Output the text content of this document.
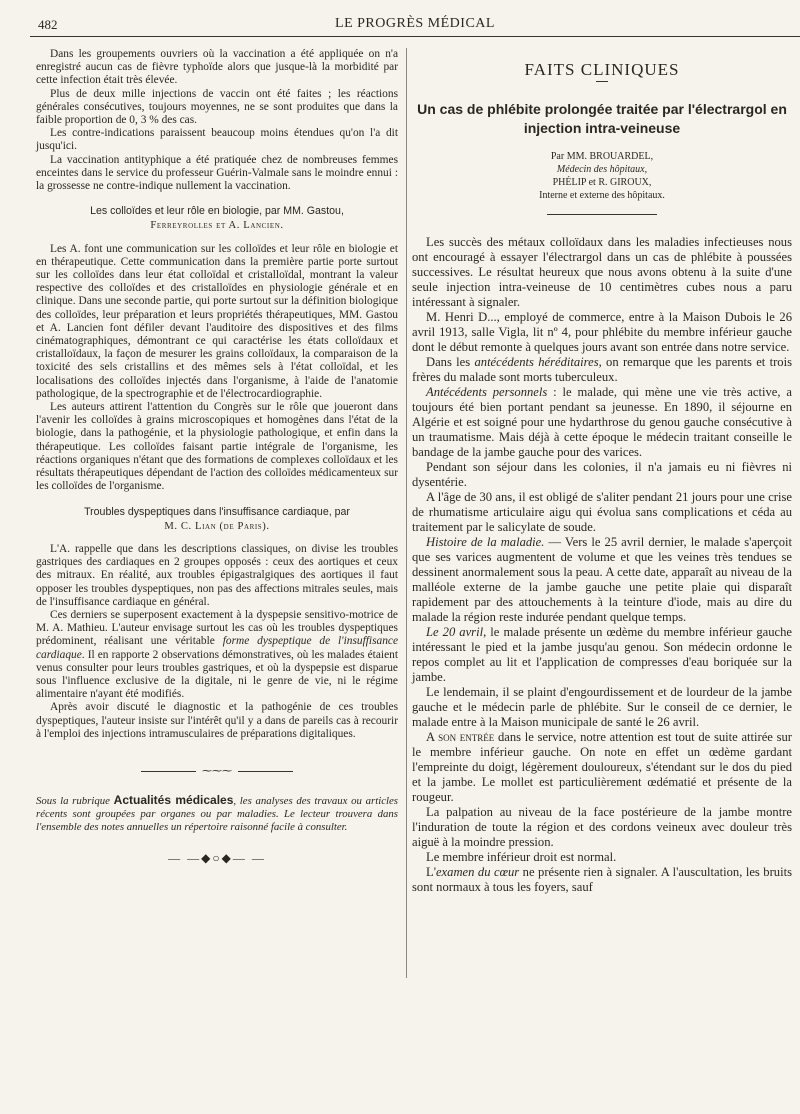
482	LE PROGRÈS MÉDICAL

Dans les groupements ouvriers où la vaccination a été appliquée on n'a enregistré aucun cas de fièvre typhoïde alors que jusque-là la morbidité par cette infection était très élevée.

Plus de deux mille injections de vaccin ont été faites ; les réactions générales consécutives, toujours moyennes, ne se sont produites que dans la faible proportion de 0, 3 % des cas.

Les contre-indications paraissent beaucoup moins étendues qu'on l'a dit jusqu'ici.

La vaccination antityphique a été pratiquée chez de nombreuses femmes enceintes dans le service du professeur Guérin-Valmale sans le moindre ennui : la grossesse ne contre-indique nullement la vaccination.

Les colloïdes et leur rôle en biologie, par MM. Gastou,

Ferreyrolles et A. Lancien.

Les A. font une communication sur les colloïdes et leur rôle en biologie et en thérapeutique. Cette communication dans la première partie porte surtout sur les colloïdes dans leur état colloïdal et cristalloïdal, montrant la valeur respective des colloïdes et des cristalloïdes en physiologie générale et en clinique. Dans une seconde partie, qui porte surtout sur la définition biologique des colloïdes, leur préparation et leurs propriétés thérapeutiques, MM. Gastou et A. Lancien font défiler devant l'auditoire des dispositives et des films cinématographiques, démontrant ce qui caractérise les états colloïdaux et cristalloïdaux, la façon de mesurer les grains colloïdaux, la comparaison de la toxicité des sels cristallins et des mêmes sels à l'état colloïdal, et les localisations des colloïdes injectés dans l'organisme, à l'aide de l'anatomie pathologique, de la spectrographie et de l'électrocardiographie.

Les auteurs attirent l'attention du Congrès sur le rôle que joueront dans l'avenir les colloïdes à grains microscopiques et homogènes dans l'état de la biologie, dans la pathogénie, et la physiologie pathologique, et enfin dans la thérapeutique. Les colloïdes faisant partie intégrale de l'organisme, les réactions organiques n'étant que des formations de complexes colloïdaux et les résultats thérapeutiques dépendant de l'action des colloïdes médicamenteux sur les colloïdes de l'organisme.

Troubles dyspeptiques dans l'insuffisance cardiaque, par

M. C. Lian (de Paris).

L'A. rappelle que dans les descriptions classiques, on divise les troubles gastriques des cardiaques en 2 groupes opposés : ceux des aortiques et ceux des mitraux. En réalité, aux troubles épigastralgiques des aortiques il faut opposer les troubles dyspeptiques, non pas des affections mitrales seules, mais de l'insuffisance cardiaque en général.

Ces derniers se superposent exactement à la dyspepsie sensitivo-motrice de M. A. Mathieu. L'auteur envisage surtout les cas où les troubles dyspeptiques prédominent, réalisant une véritable forme dyspeptique de l'insuffisance cardiaque. Il en rapporte 2 observations démonstratives, où les malades étaient venus consulter pour leurs troubles gastriques, et où la dyspepsie est disparue sous l'influence exclusive de la digitale, ni le genre de vie, ni le régime alimentaire n'ayant été modifiés.

Après avoir discuté le diagnostic et la pathogénie de ces troubles dyspeptiques, l'auteur insiste sur l'intérêt qu'il y a dans de pareils cas à recourir à l'emploi des injections intramusculaires de préparations digitaliques.

⁓⁓⁓

Sous la rubrique Actualités médicales, les analyses des travaux ou articles récents sont groupées par organes ou par maladies. Le lecteur trouvera dans l'ensemble des notes annuelles un répertoire raisonné facile à consulter.

— —◆○◆— —

FAITS CLINIQUES

Un cas de phlébite prolongée traitée par l'électrargol en injection intra-veineuse

Par MM. BROUARDEL,

Médecin des hôpitaux,

PHÉLIP et R. GIROUX,

Interne et externe des hôpitaux.

Les succès des métaux colloïdaux dans les maladies infectieuses nous ont encouragé à essayer l'électrargol dans un cas de phlébite à poussées successives. Le résultat heureux que nous avons obtenu à la suite d'une seule injection intra-veineuse de 10 centimètres cubes nous a paru intéressant à signaler.

M. Henri D..., employé de commerce, entre à la Maison Dubois le 26 avril 1913, salle Vigla, lit nº 4, pour phlébite du membre inférieur gauche dont le début remonte à quelques jours avant son entrée dans notre service.

Dans les antécédents héréditaires, on remarque que les parents et trois frères du malade sont morts tuberculeux.

Antécédents personnels : le malade, qui mène une vie très active, a toujours été bien portant pendant sa jeunesse. En 1890, il séjourne en Algérie et est soigné pour une hydarthrose du genou gauche consécutive à un traumatisme. Mais déjà à cette époque le médecin traitant conseille le bandage de la jambe gauche pour des varices.

Pendant son séjour dans les colonies, il n'a jamais eu ni fièvres ni dysentérie.

A l'âge de 30 ans, il est obligé de s'aliter pendant 21 jours pour une crise de rhumatisme articulaire aigu qui évolua sans complications et céda au traitement par le salicylate de soude.

Histoire de la maladie. — Vers le 25 avril dernier, le malade s'aperçoit que ses varices augmentent de volume et que les veines très tendues se dessinent anormalement sous la peau. A cette date, apparaît au niveau de la malléole externe de la jambe gauche une petite plaie qui disparaît rapidement par des attouchements à la teinture d'iode, mais au dire du malade la région reste indurée pendant quelque temps.

Le 20 avril, le malade présente un œdème du membre inférieur gauche intéressant le pied et la jambe jusqu'au genou. Son médecin ordonne le repos complet au lit et l'application de compresses d'eau boriquée sur la jambe.

Le lendemain, il se plaint d'engourdissement et de lourdeur de la jambe gauche et le médecin parle de phlébite. Sur le conseil de ce dernier, le malade entre à la Maison municipale de santé le 26 avril.

A son entrée dans le service, notre attention est tout de suite attirée sur le membre inférieur gauche. On note en effet un œdème gardant l'empreinte du doigt, légèrement douloureux, s'étendant sur le dos du pied et la jambe. Le mollet est particulièrement œdématié et présente de la rougeur.

La palpation au niveau de la face postérieure de la jambe montre l'induration de toute la région et des cordons veineux avec douleur très aiguë à la moindre pression.

Le membre inférieur droit est normal.

L'examen du cœur ne présente rien à signaler. A l'auscultation, les bruits sont normaux à tous les foyers, sauf
